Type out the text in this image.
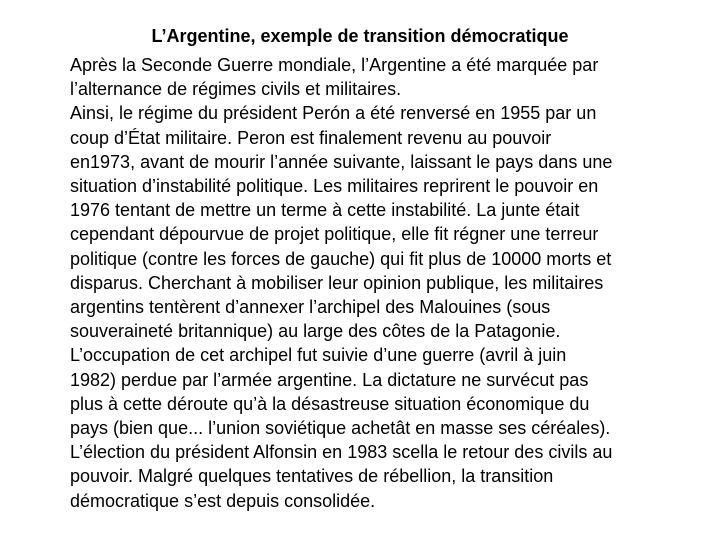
L’Argentine, exemple de transition démocratique
Après la Seconde Guerre mondiale, l’Argentine a été marquée par
l’alternance de régimes civils et militaires.
Ainsi, le régime du président Perón a été renversé en 1955 par un
coup d’État militaire. Peron est finalement revenu au pouvoir
en1973, avant de mourir l’année suivante, laissant le pays dans une
situation d’instabilité politique. Les militaires reprirent le pouvoir en
1976 tentant de mettre un terme à cette instabilité. La junte était
cependant dépourvue de projet politique, elle fit régner une terreur
politique (contre les forces de gauche) qui fit plus de 10000 morts et
disparus. Cherchant à mobiliser leur opinion publique, les militaires
argentins tentèrent d’annexer l’archipel des Malouines (sous
souveraineté britannique) au large des côtes de la Patagonie.
L’occupation de cet archipel fut suivie d’une guerre (avril à juin
1982) perdue par l’armée argentine. La dictature ne survécut pas
plus à cette déroute qu’à la désastreuse situation économique du
pays (bien que... l’union soviétique achetât en masse ses céréales).
L’élection du président Alfonsin en 1983 scella le retour des civils au
pouvoir. Malgré quelques tentatives de rébellion, la transition
démocratique s’est depuis consolidée.
